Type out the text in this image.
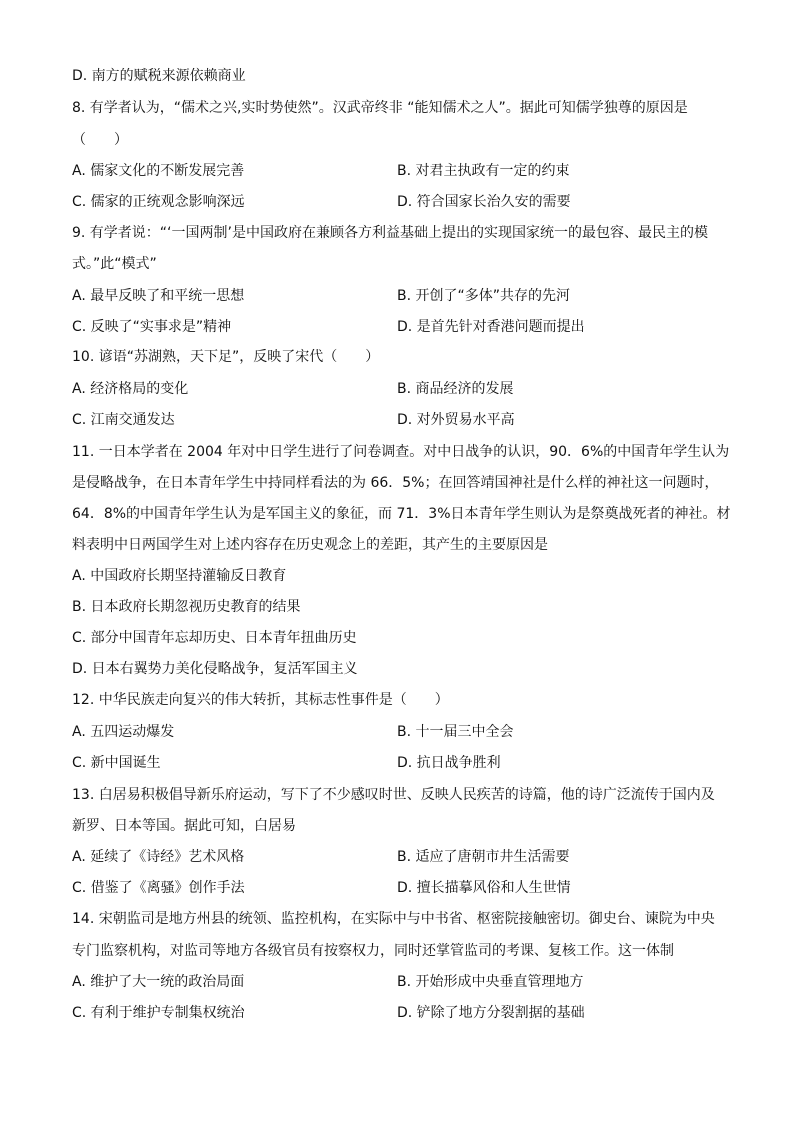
D. 南方的赋税来源依赖商业
8. 有学者认为，“儒术之兴,实时势使然”。汉武帝终非 “能知儒术之人”。据此可知儒学独尊的原因是
（　　）
A. 儒家文化的不断发展完善	B. 对君主执政有一定的约束
C. 儒家的正统观念影响深远	D. 符合国家长治久安的需要
9. 有学者说：“‘一国两制’是中国政府在兼顾各方利益基础上提出的实现国家统一的最包容、最民主的模
式。”此“模式”
A. 最早反映了和平统一思想	B. 开创了“多体”共存的先河
C. 反映了“实事求是”精神	D. 是首先针对香港问题而提出
10. 谚语“苏湖熟，天下足”，反映了宋代（　　）
A. 经济格局的变化	B. 商品经济的发展
C. 江南交通发达	D. 对外贸易水平高
11. 一日本学者在 2004 年对中日学生进行了问卷调查。对中日战争的认识，90．6%的中国青年学生认为
是侵略战争，在日本青年学生中持同样看法的为 66．5%；在回答靖国神社是什么样的神社这一问题时，
64．8%的中国青年学生认为是军国主义的象征，而 71．3%日本青年学生则认为是祭奠战死者的神社。材
料表明中日两国学生对上述内容存在历史观念上的差距，其产生的主要原因是
A. 中国政府长期坚持灌输反日教育
B. 日本政府长期忽视历史教育的结果
C. 部分中国青年忘却历史、日本青年扭曲历史
D. 日本右翼势力美化侵略战争，复活军国主义
12. 中华民族走向复兴的伟大转折，其标志性事件是（　　）
A. 五四运动爆发	B. 十一届三中全会
C. 新中国诞生	D. 抗日战争胜利
13. 白居易积极倡导新乐府运动，写下了不少感叹时世、反映人民疾苦的诗篇，他的诗广泛流传于国内及
新罗、日本等国。据此可知，白居易
A. 延续了《诗经》艺术风格	B. 适应了唐朝市井生活需要
C. 借鉴了《离骚》创作手法	D. 擅长描摹风俗和人生世情
14. 宋朝监司是地方州县的统领、监控机构，在实际中与中书省、枢密院接触密切。御史台、谏院为中央
专门监察机构，对监司等地方各级官员有按察权力，同时还掌管监司的考课、复核工作。这一体制
A. 维护了大一统的政治局面	B. 开始形成中央垂直管理地方
C. 有利于维护专制集权统治	D. 铲除了地方分裂割据的基础
